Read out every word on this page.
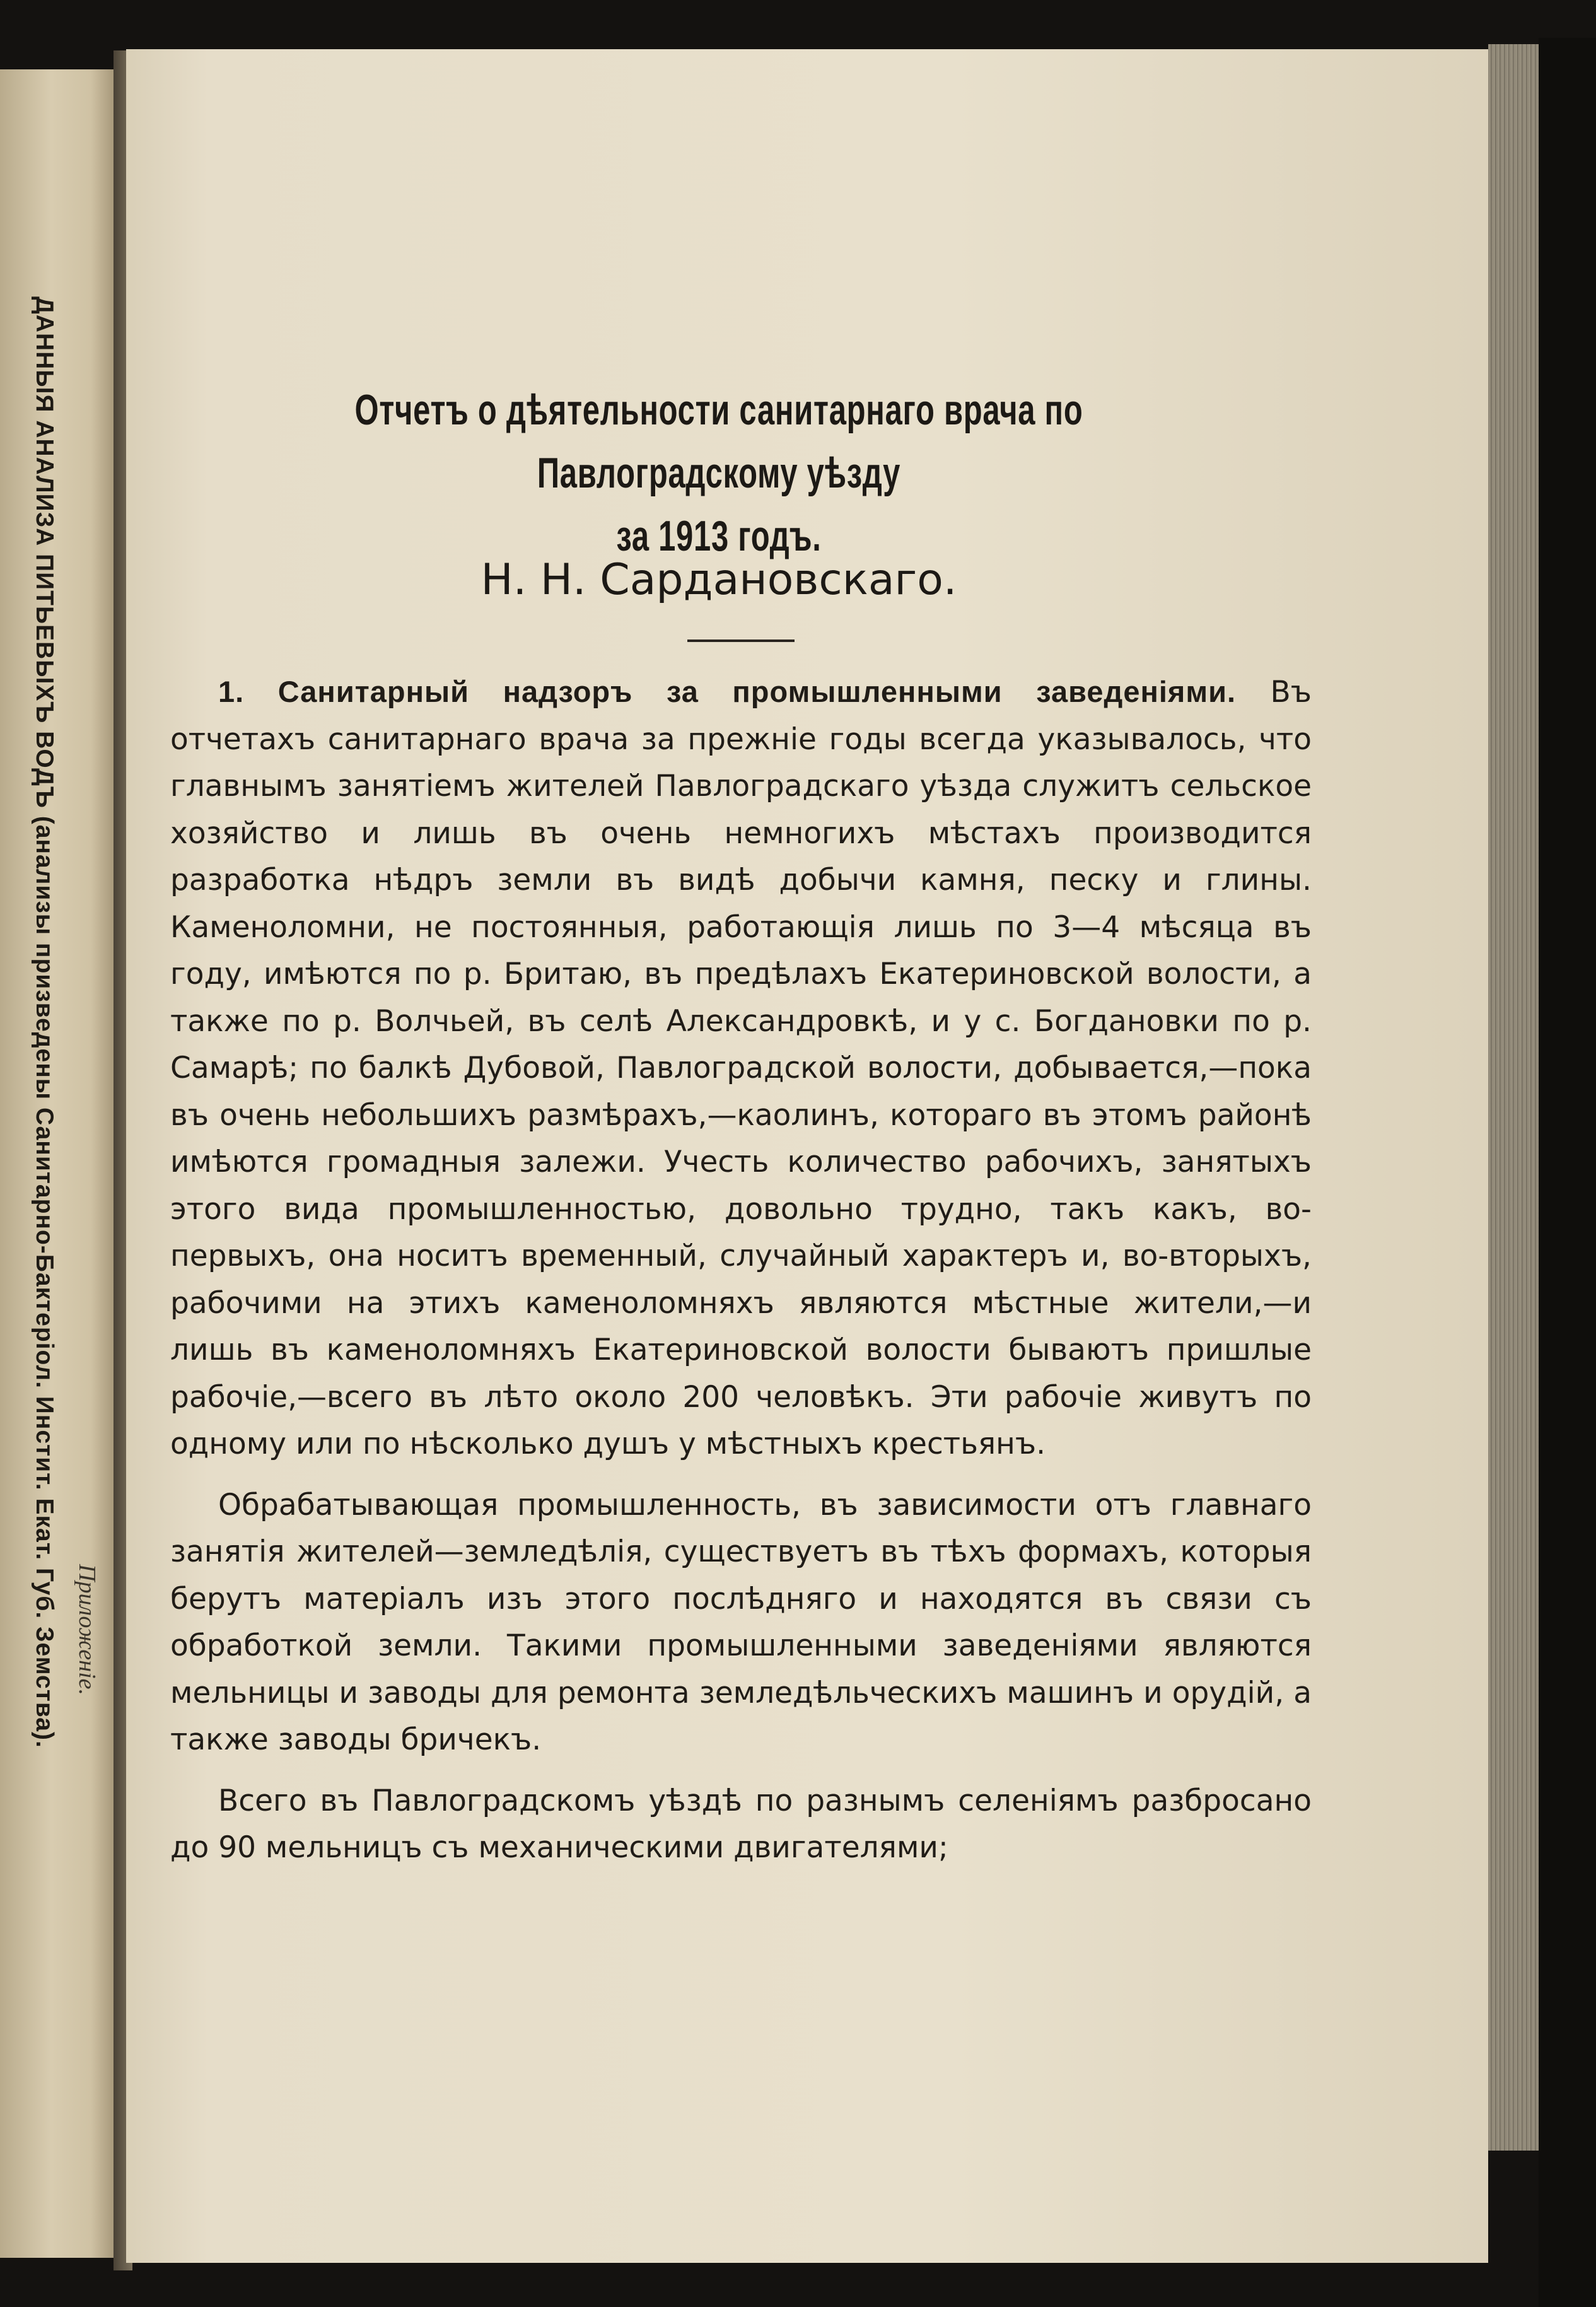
ДАННЫЯ АНАЛИЗА ПИТЬЕВЫХЪ ВОДЪ (анализы призведены Санитарно-Бактеріол. Инстит. Екат. Губ. Земства). Приложеніе.
Отчетъ о дѣятельности санитарнаго врача по Павлоградскому уѣзду
за 1913 годъ.
Н. Н. Сардановскаго.

1. Санитарный надзоръ за промышленными заведеніями. Въ отчетахъ санитарнаго врача за прежніе годы всегда указывалось, что главнымъ занятіемъ жителей Павлоградскаго уѣзда служитъ сельское хозяйство и лишь въ очень немногихъ мѣстахъ производится разработка нѣдръ земли въ видѣ добычи камня, песку и глины. Каменоломни, не постоянныя, работающія лишь по 3—4 мѣсяца въ году, имѣются по р. Бритаю, въ предѣлахъ Екатериновской волости, а также по р. Волчьей, въ селѣ Александровкѣ, и у с. Богдановки по р. Самарѣ; по балкѣ Дубовой, Павлоградской волости, добывается,—пока въ очень небольшихъ размѣрахъ,—каолинъ, котораго въ этомъ районѣ имѣются громадныя залежи. Учесть количество рабочихъ, занятыхъ этого вида промышленностью, довольно трудно, такъ какъ, во-первыхъ, она носитъ временный, случайный характеръ и, во-вторыхъ, рабочими на этихъ каменоломняхъ являются мѣстные жители,—и лишь въ каменоломняхъ Екатериновской волости бываютъ пришлые рабочіе,—всего въ лѣто около 200 человѣкъ. Эти рабочіе живутъ по одному или по нѣсколько душъ у мѣстныхъ крестьянъ.

Обрабатывающая промышленность, въ зависимости отъ главнаго занятія жителей—земледѣлія, существуетъ въ тѣхъ формахъ, которыя берутъ матеріалъ изъ этого послѣдняго и находятся въ связи съ обработкой земли. Такими промышленными заведеніями являются мельницы и заводы для ремонта земледѣльческихъ машинъ и орудій, а также заводы бричекъ.

Всего въ Павлоградскомъ уѣздѣ по разнымъ селеніямъ разбросано до 90 мельницъ съ механическими двигателями;
